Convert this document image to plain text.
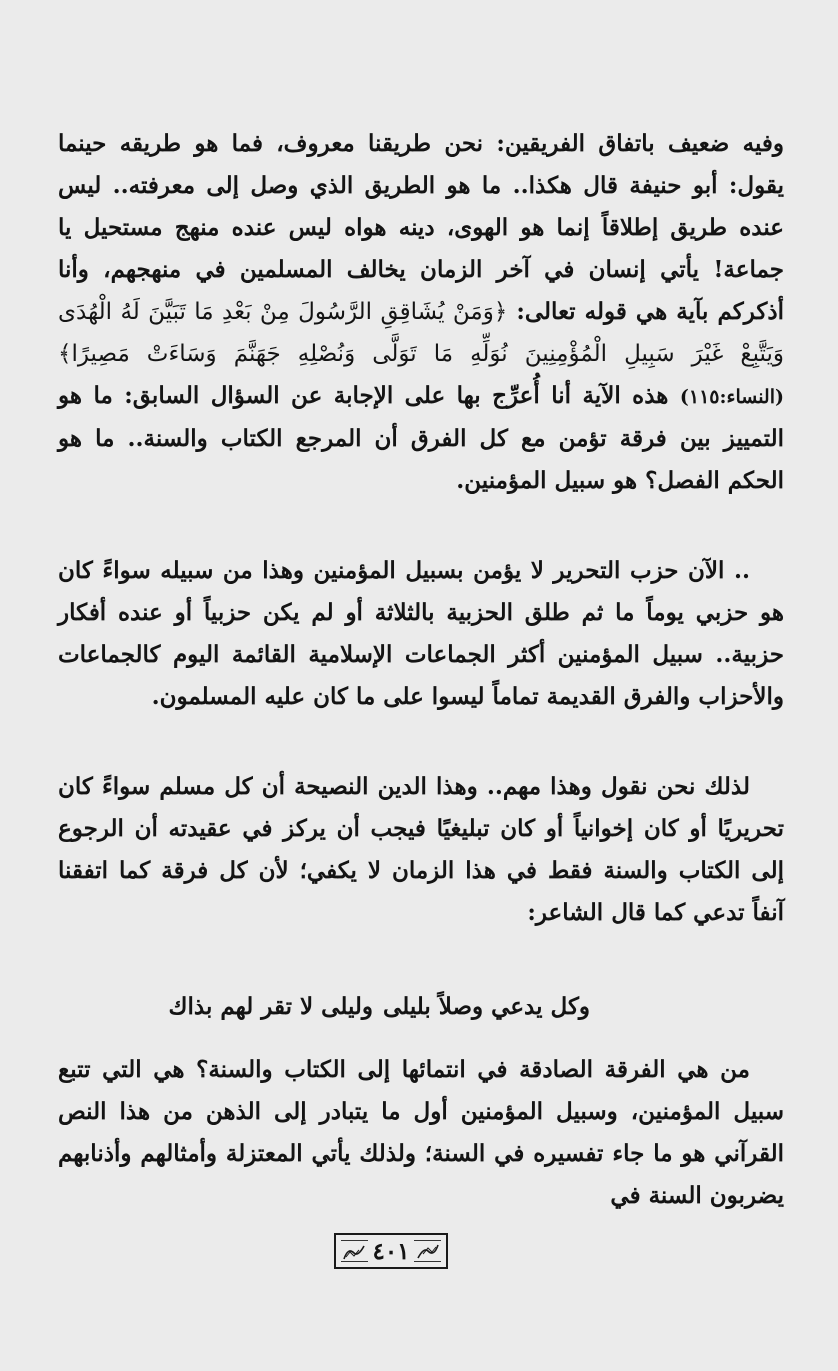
وفيه ضعيف باتفاق الفريقين: نحن طريقنا معروف، فما هو طريقه حينما يقول: أبو حنيفة قال هكذا.. ما هو الطريق الذي وصل إلى معرفته.. ليس عنده طريق إطلاقاً إنما هو الهوى، دينه هواه ليس عنده منهج مستحيل يا جماعة! يأتي إنسان في آخر الزمان يخالف المسلمين في منهجهم، وأنا أذكركم بآية هي قوله تعالى: ﴿وَمَنْ يُشَاقِقِ الرَّسُولَ مِنْ بَعْدِ مَا تَبَيَّنَ لَهُ الْهُدَى وَيَتَّبِعْ غَيْرَ سَبِيلِ الْمُؤْمِنِينَ نُوَلِّهِ مَا تَوَلَّى وَنُصْلِهِ جَهَنَّمَ وَسَاءَتْ مَصِيرًا﴾ (النساء:١١٥) هذه الآية أنا أُعرِّج بها على الإجابة عن السؤال السابق: ما هو التمييز بين فرقة تؤمن مع كل الفرق أن المرجع الكتاب والسنة.. ما هو الحكم الفصل؟ هو سبيل المؤمنين.
.. الآن حزب التحرير لا يؤمن بسبيل المؤمنين وهذا من سبيله سواءً كان هو حزبي يوماً ما ثم طلق الحزبية بالثلاثة أو لم يكن حزبياً أو عنده أفكار حزبية.. سبيل المؤمنين أكثر الجماعات الإسلامية القائمة اليوم كالجماعات والأحزاب والفرق القديمة تماماً ليسوا على ما كان عليه المسلمون.
لذلك نحن نقول وهذا مهم.. وهذا الدين النصيحة أن كل مسلم سواءً كان تحريريًا أو كان إخوانياً أو كان تبليغيًا فيجب أن يركز في عقيدته أن الرجوع إلى الكتاب والسنة فقط في هذا الزمان لا يكفي؛ لأن كل فرقة كما اتفقنا آنفاً تدعي كما قال الشاعر:
وكل يدعي وصلاً بليلى
وليلى لا تقر لهم بذاك
من هي الفرقة الصادقة في انتمائها إلى الكتاب والسنة؟ هي التي تتبع سبيل المؤمنين، وسبيل المؤمنين أول ما يتبادر إلى الذهن من هذا النص القرآني هو ما جاء تفسيره في السنة؛ ولذلك يأتي المعتزلة وأمثالهم وأذنابهم يضربون السنة في
٤٠١
